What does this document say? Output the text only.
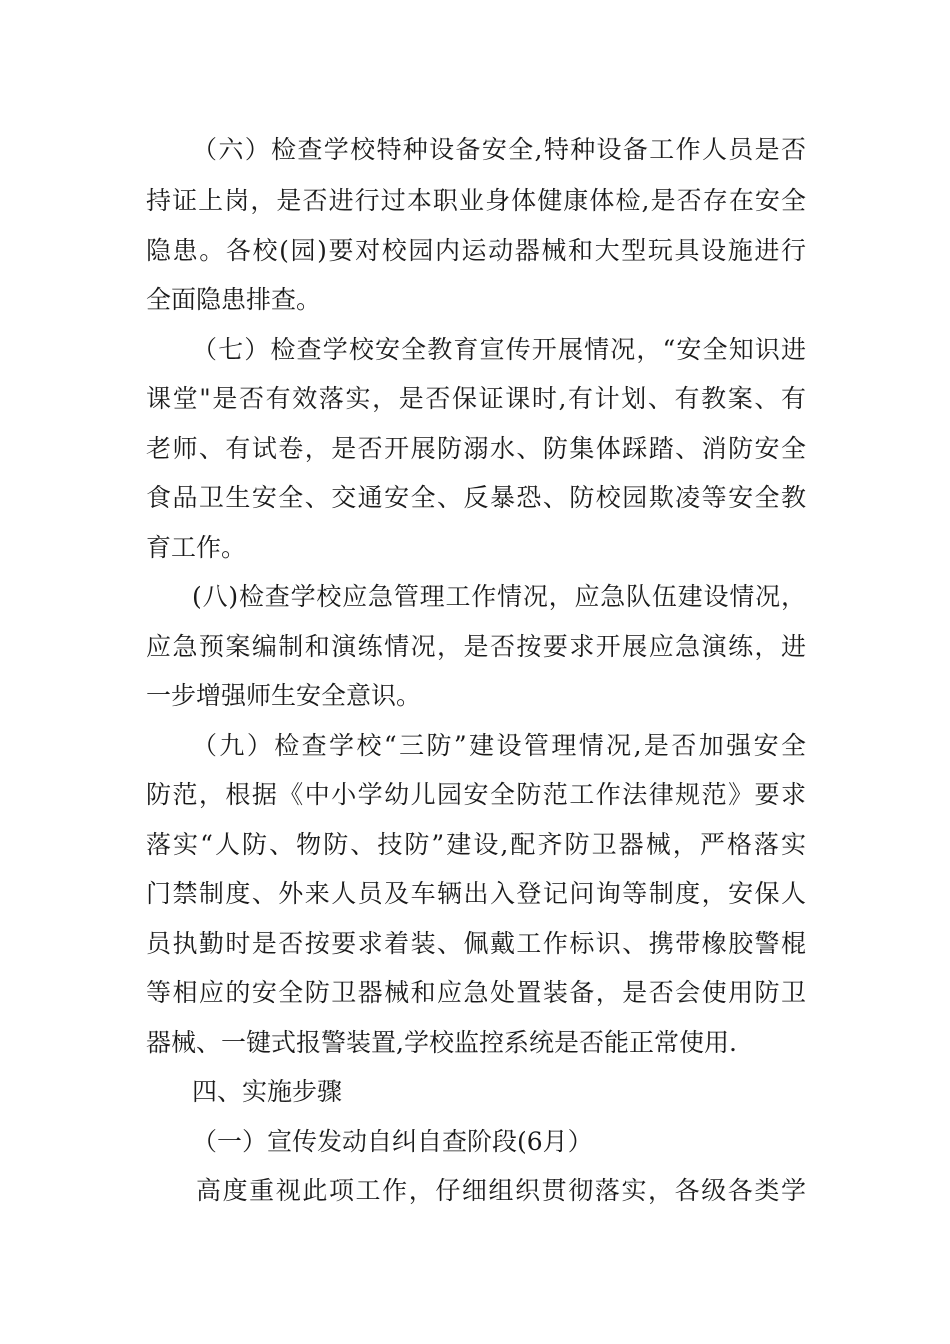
（六）检查学校特种设备安全,特种设备工作人员是否
持证上岗，是否进行过本职业身体健康体检,是否存在安全
隐患。各校(园)要对校园内运动器械和大型玩具设施进行
全面隐患排查。
（七）检查学校安全教育宣传开展情况，“安全知识进
课堂"是否有效落实，是否保证课时,有计划、有教案、有
老师、有试卷，是否开展防溺水、防集体踩踏、消防安全
食品卫生安全、交通安全、反暴恐、防校园欺凌等安全教
育工作。
(八)检查学校应急管理工作情况，应急队伍建设情况，
应急预案编制和演练情况，是否按要求开展应急演练，进
一步增强师生安全意识。
（九）检查学校“三防”建设管理情况,是否加强安全
防范，根据《中小学幼儿园安全防范工作法律规范》要求
落实“人防、物防、技防”建设,配齐防卫器械，严格落实
门禁制度、外来人员及车辆出入登记问询等制度，安保人
员执勤时是否按要求着装、佩戴工作标识、携带橡胶警棍
等相应的安全防卫器械和应急处置装备，是否会使用防卫
器械、一键式报警装置,学校监控系统是否能正常使用.
四、实施步骤
（一）宣传发动自纠自查阶段(6月）
高度重视此项工作，仔细组织贯彻落实，各级各类学
